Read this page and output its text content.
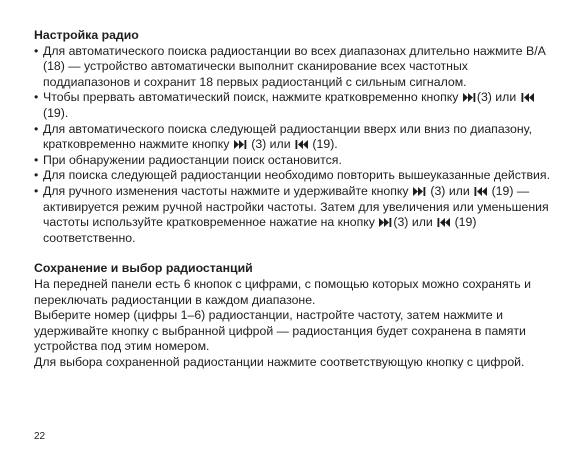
Настройка радио

• Для автоматического поиска радиостанции во всех диапазонах длительно нажмите B/A (18) — устройство автоматически выполнит сканирование всех частотных поддиапазонов и сохранит 18 первых радиостанций с сильным сигналом.

• Чтобы прервать автоматический поиск, нажмите кратковременно кнопку
(3) или
(19).

• Для автоматического поиска следующей радиостанции вверх или вниз по диапазону, кратковременно нажмите кнопку
(3) или
(19).

• При обнаружении радиостанции поиск остановится.

• Для поиска следующей радиостанции необходимо повторить вышеуказанные действия.

• Для ручного изменения частоты нажмите и удерживайте кнопку
(3) или
(19) — активируется режим ручной настройки частоты. Затем для увеличения или уменьшения частоты используйте кратковременное нажатие на кнопку
(3) или
(19) соответственно.

Сохранение и выбор радиостанций

На передней панели есть 6 кнопок с цифрами, с помощью которых можно сохранять и переключать радиостанции в каждом диапазоне.

Выберите номер (цифры 1–6) радиостанции, настройте частоту, затем нажмите и удерживайте кнопку с выбранной цифрой — радиостанция будет сохранена в памяти устройства под этим номером.

Для выбора сохраненной радиостанции нажмите соответствующую кнопку с цифрой.

22
